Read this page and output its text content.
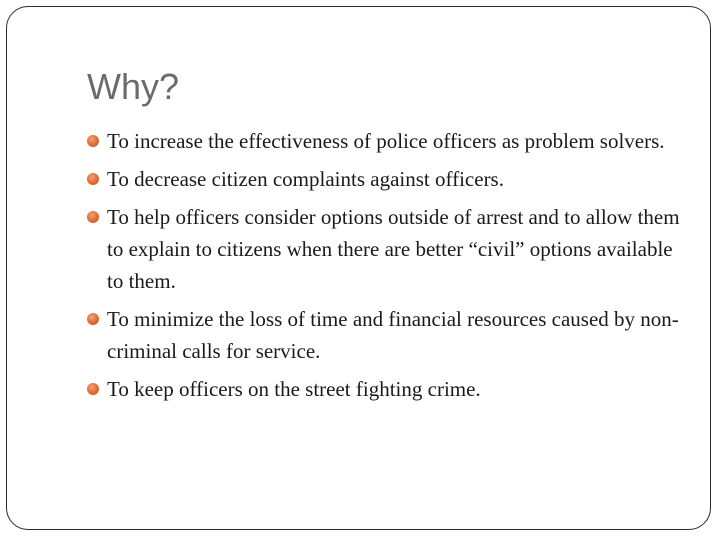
Why?
To increase the effectiveness of police officers as problem solvers.
To decrease citizen complaints against officers.
To help officers consider options outside of arrest and to allow them to explain to citizens when there are better “civil” options available to them.
To minimize the loss of time and financial resources caused by non-criminal calls for service.
To keep officers on the street fighting crime.
